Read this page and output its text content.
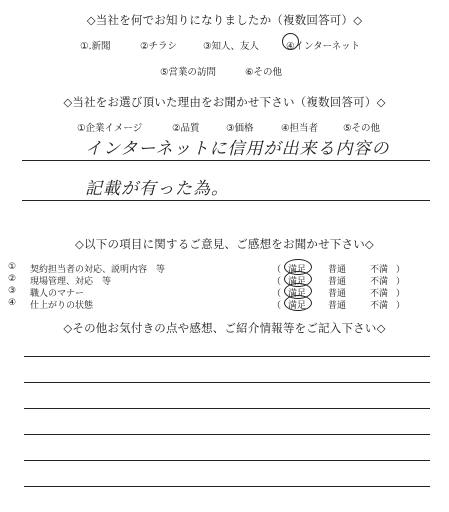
◇当社を何でお知りになりましたか（複数回答可）◇
①.新聞	②チラシ	③知人、友人	④インターネット
⑤営業の訪問	⑥その他
◇当社をお選び頂いた理由をお聞かせ下さい（複数回答可）◇
①企業イメージ	②品質	③価格	④担当者	⑤その他
インターネットに信用が出来る内容の
記載が有った為。
◇以下の項目に関するご意見、ご感想をお聞かせ下さい◇
① 契約担当者の対応、説明内容　等	（ 満足 普通	不満 ）
② 現場管理、対応　等	（ 満足 普通	不満 ）
③ 職人のマナー	（ 満足 普通	不満 ）
④ 仕上がりの状態	（ 満足 普通	不満 ）
◇その他お気付きの点や感想、ご紹介情報等をご記入下さい◇
